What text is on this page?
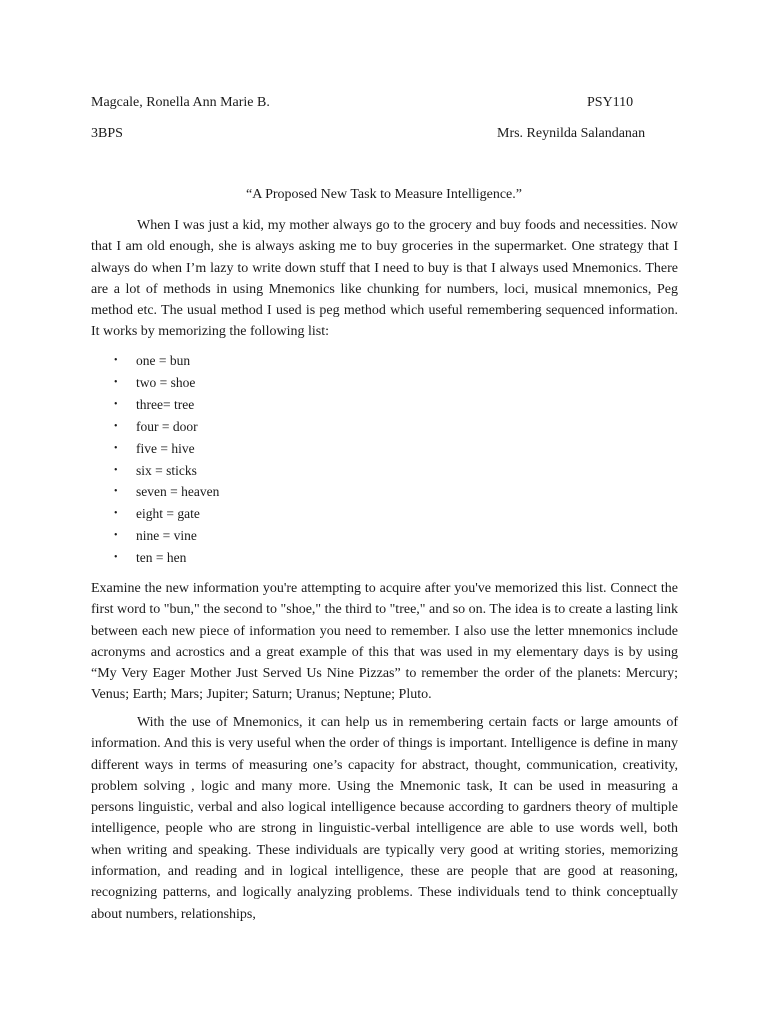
Magcale, Ronella Ann Marie B.	PSY110
3BPS	Mrs. Reynilda Salandanan
“A Proposed New Task to Measure Intelligence.”

When I was just a kid, my mother always go to the grocery and buy foods and necessities. Now that I am old enough, she is always asking me to buy groceries in the supermarket. One strategy that I always do when I’m lazy to write down stuff that I need to buy is that I always used Mnemonics. There are a lot of methods in using Mnemonics like chunking for numbers, loci, musical mnemonics, Peg method etc. The usual method I used is peg method which useful remembering sequenced information. It works by memorizing the following list:

• one = bun
• two = shoe
• three= tree
• four = door
• five = hive
• six = sticks
• seven = heaven
• eight = gate
• nine = vine
• ten = hen

Examine the new information you're attempting to acquire after you've memorized this list. Connect the first word to "bun," the second to "shoe," the third to "tree," and so on. The idea is to create a lasting link between each new piece of information you need to remember. I also use the letter mnemonics include acronyms and acrostics and a great example of this that was used in my elementary days is by using “My Very Eager Mother Just Served Us Nine Pizzas” to remember the order of the planets: Mercury; Venus; Earth; Mars; Jupiter; Saturn; Uranus; Neptune; Pluto.

With the use of Mnemonics, it can help us in remembering certain facts or large amounts of information. And this is very useful when the order of things is important. Intelligence is define in many different ways in terms of measuring one’s capacity for abstract, thought, communication, creativity, problem solving , logic and many more. Using the Mnemonic task, It can be used in measuring a persons linguistic, verbal and also logical intelligence because according to gardners theory of multiple intelligence, people who are strong in linguistic-verbal intelligence are able to use words well, both when writing and speaking. These individuals are typically very good at writing stories, memorizing information, and reading and in logical intelligence, these are people that are good at reasoning, recognizing patterns, and logically analyzing problems. These individuals tend to think conceptually about numbers, relationships,
